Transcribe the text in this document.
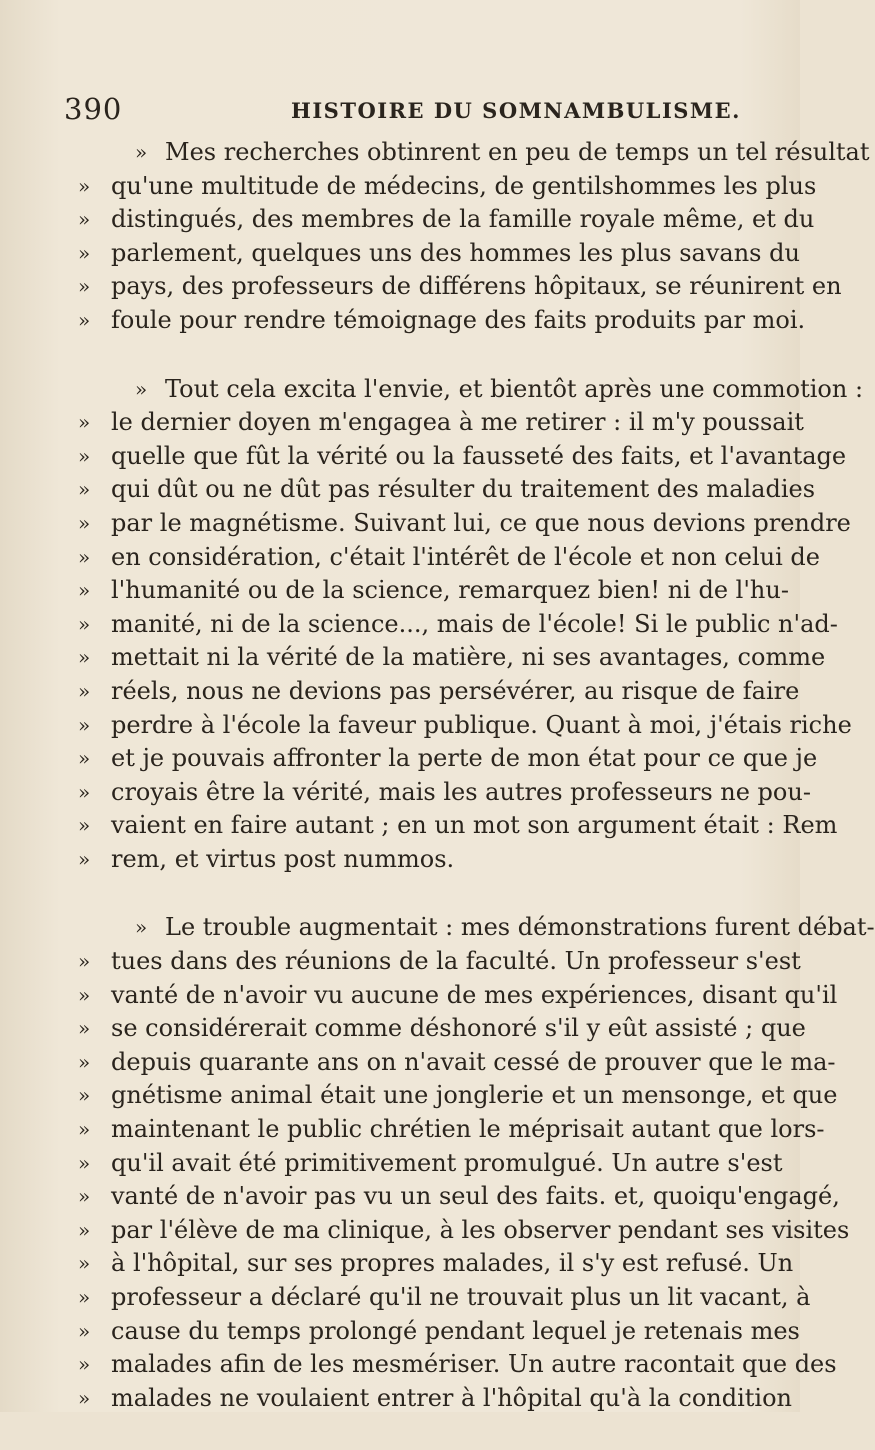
390	HISTOIRE DU SOMNAMBULISME.
» Mes recherches obtinrent en peu de temps un tel résultat
» qu'une multitude de médecins, de gentilshommes les plus
» distingués, des membres de la famille royale même, et du
» parlement, quelques uns des hommes les plus savans du
» pays, des professeurs de différens hôpitaux, se réunirent en
» foule pour rendre témoignage des faits produits par moi.
» Tout cela excita l'envie, et bientôt après une commotion :
» le dernier doyen m'engagea à me retirer : il m'y poussait
» quelle que fût la vérité ou la fausseté des faits, et l'avantage
» qui dût ou ne dût pas résulter du traitement des maladies
» par le magnétisme. Suivant lui, ce que nous devions prendre
» en considération, c'était l'intérêt de l'école et non celui de
» l'humanité ou de la science, remarquez bien! ni de l'hu-
» manité, ni de la science..., mais de l'école! Si le public n'ad-
» mettait ni la vérité de la matière, ni ses avantages, comme
» réels, nous ne devions pas persévérer, au risque de faire
» perdre à l'école la faveur publique. Quant à moi, j'étais riche
» et je pouvais affronter la perte de mon état pour ce que je
» croyais être la vérité, mais les autres professeurs ne pou-
» vaient en faire autant ; en un mot son argument était : Rem
» rem, et virtus post nummos.
» Le trouble augmentait : mes démonstrations furent débat-
» tues dans des réunions de la faculté. Un professeur s'est
» vanté de n'avoir vu aucune de mes expériences, disant qu'il
» se considérerait comme déshonoré s'il y eût assisté ; que
» depuis quarante ans on n'avait cessé de prouver que le ma-
» gnétisme animal était une jonglerie et un mensonge, et que
» maintenant le public chrétien le méprisait autant que lors-
» qu'il avait été primitivement promulgué. Un autre s'est
» vanté de n'avoir pas vu un seul des faits. et, quoiqu'engagé,
» par l'élève de ma clinique, à les observer pendant ses visites
» à l'hôpital, sur ses propres malades, il s'y est refusé. Un
» professeur a déclaré qu'il ne trouvait plus un lit vacant, à
» cause du temps prolongé pendant lequel je retenais mes
» malades afin de les mesmériser. Un autre racontait que des
» malades ne voulaient entrer à l'hôpital qu'à la condition
